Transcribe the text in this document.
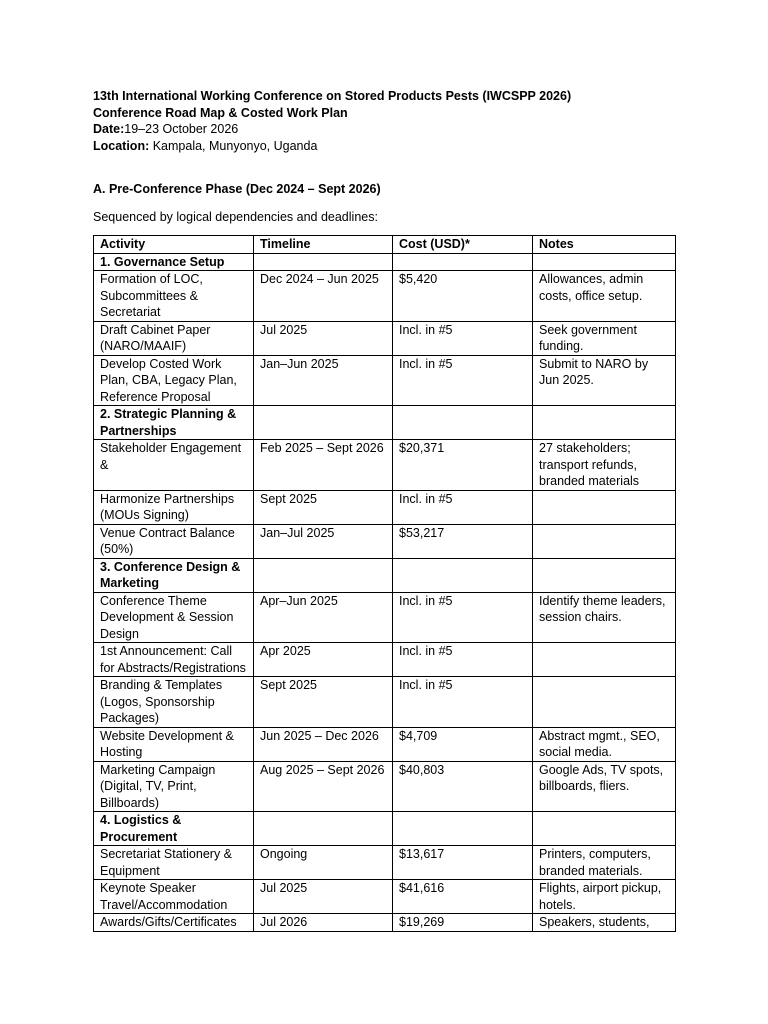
13th International Working Conference on Stored Products Pests (IWCSPP 2026)
Conference Road Map & Costed Work Plan
Date:19–23 October 2026
Location: Kampala, Munyonyo, Uganda
A. Pre-Conference Phase (Dec 2024 – Sept 2026)
Sequenced by logical dependencies and deadlines:
Activity	Timeline	Cost (USD)*	Notes
1. Governance Setup			
Formation of LOC, Subcommittees & Secretariat	Dec 2024 – Jun 2025	$5,420	Allowances, admin costs, office setup.
Draft Cabinet Paper (NARO/MAAIF)	Jul 2025	Incl. in #5	Seek government funding.
Develop Costed Work Plan, CBA, Legacy Plan, Reference Proposal	Jan–Jun 2025	Incl. in #5	Submit to NARO by Jun 2025.
2. Strategic Planning & Partnerships			
Stakeholder Engagement &	Feb 2025 – Sept 2026	$20,371	27 stakeholders; transport refunds, branded materials
Harmonize Partnerships (MOUs Signing)	Sept 2025	Incl. in #5	
Venue Contract Balance (50%)	Jan–Jul 2025	$53,217	
3. Conference Design & Marketing			
Conference Theme Development & Session Design	Apr–Jun 2025	Incl. in #5	Identify theme leaders, session chairs.
1st Announcement: Call for Abstracts/Registrations	Apr 2025	Incl. in #5	
Branding & Templates (Logos, Sponsorship Packages)	Sept 2025	Incl. in #5	
Website Development & Hosting	Jun 2025 – Dec 2026	$4,709	Abstract mgmt., SEO, social media.
Marketing Campaign (Digital, TV, Print, Billboards)	Aug 2025 – Sept 2026	$40,803	Google Ads, TV spots, billboards, fliers.
4. Logistics & Procurement			
Secretariat Stationery & Equipment	Ongoing	$13,617	Printers, computers, branded materials.
Keynote Speaker Travel/Accommodation	Jul 2025	$41,616	Flights, airport pickup, hotels.
Awards/Gifts/Certificates	Jul 2026	$19,269	Speakers, students,
